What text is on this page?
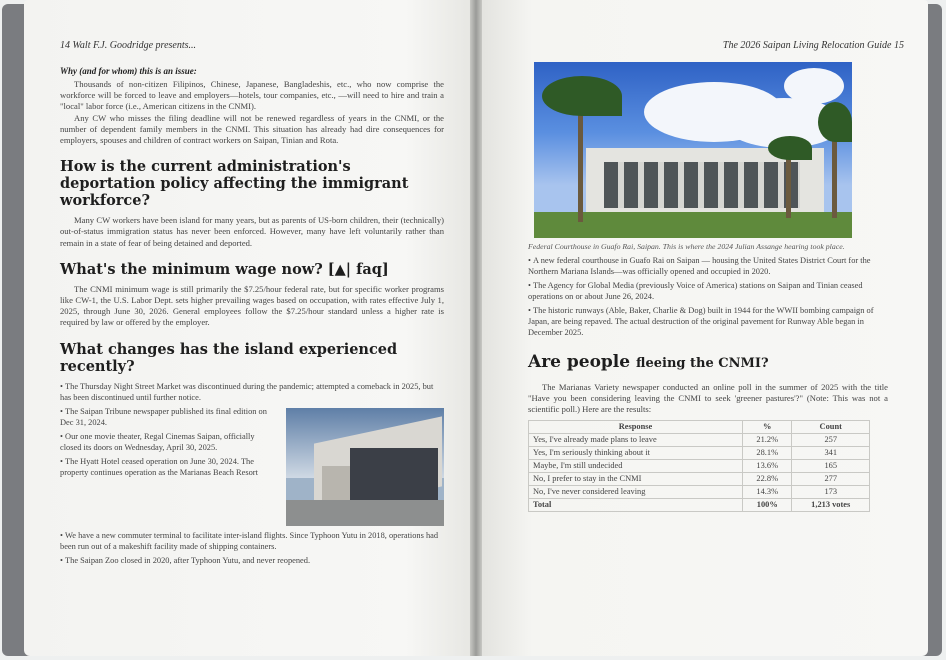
14 Walt F.J. Goodridge presents...
Why (and for whom) this is an issue:

Thousands of non-citizen Filipinos, Chinese, Japanese, Bangladeshis, etc., who now comprise the workforce will be forced to leave and employers—hotels, tour companies, etc., —will need to hire and train a "local" labor force (i.e., American citizens in the CNMI).

Any CW who misses the filing deadline will not be renewed regardless of years in the CNMI, or the number of dependent family members in the CNMI. This situation has already had dire consequences for employers, spouses and children of contract workers on Saipan, Tinian and Rota.

How is the current administration's deportation policy affecting the immigrant workforce?

Many CW workers have been island for many years, but as parents of US-born children, their (technically) out-of-status immigration status has never been enforced. However, many have left voluntarily rather than remain in a state of fear of being detained and deported.

What's the minimum wage now? [▲| faq]

The CNMI minimum wage is still primarily the $7.25/hour federal rate, but for specific worker programs like CW-1, the U.S. Labor Dept. sets higher prevailing wages based on occupation, with rates effective July 1, 2025, through June 30, 2026. General employees follow the $7.25/hour standard unless a higher rate is required by law or offered by the employer.

What changes has the island experienced recently?
• The Thursday Night Street Market was discontinued during the pandemic; attempted a comeback in 2025, but has been discontinued until further notice.
• The Saipan Tribune newspaper published its final edition on Dec 31, 2024.
• Our one movie theater, Regal Cinemas Saipan, officially closed its doors on Wednesday, April 30, 2025.
• The Hyatt Hotel ceased operation on June 30, 2024. The property continues operation as the Marianas Beach Resort
• We have a new commuter terminal to facilitate inter-island flights. Since Typhoon Yutu in 2018, operations had been run out of a makeshift facility made of shipping containers.
• The Saipan Zoo closed in 2020, after Typhoon Yutu, and never reopened.
The 2026 Saipan Living Relocation Guide 15
Federal Courthouse in Guafo Rai, Saipan. This is where the 2024 Julian Assange hearing took place.
• A new federal courthouse in Guafo Rai on Saipan — housing the United States District Court for the Northern Mariana Islands—was officially opened and occupied in 2020.
• The Agency for Global Media (previously Voice of America) stations on Saipan and Tinian ceased operations on or about June 26, 2024.
• The historic runways (Able, Baker, Charlie & Dog) built in 1944 for the WWII bombing campaign of Japan, are being repaved. The actual destruction of the original pavement for Runway Able began in December 2025.
Are people fleeing the CNMI?

The Marianas Variety newspaper conducted an online poll in the summer of 2025 with the title "Have you been considering leaving the CNMI to seek 'greener pastures'?" (Note: This was not a scientific poll.) Here are the results:

Response	%	Count
Yes, I've already made plans to leave	21.2%	257
Yes, I'm seriously thinking about it	28.1%	341
Maybe, I'm still undecided	13.6%	165
No, I prefer to stay in the CNMI	22.8%	277
No, I've never considered leaving	14.3%	173
Total	100%	1,213 votes
